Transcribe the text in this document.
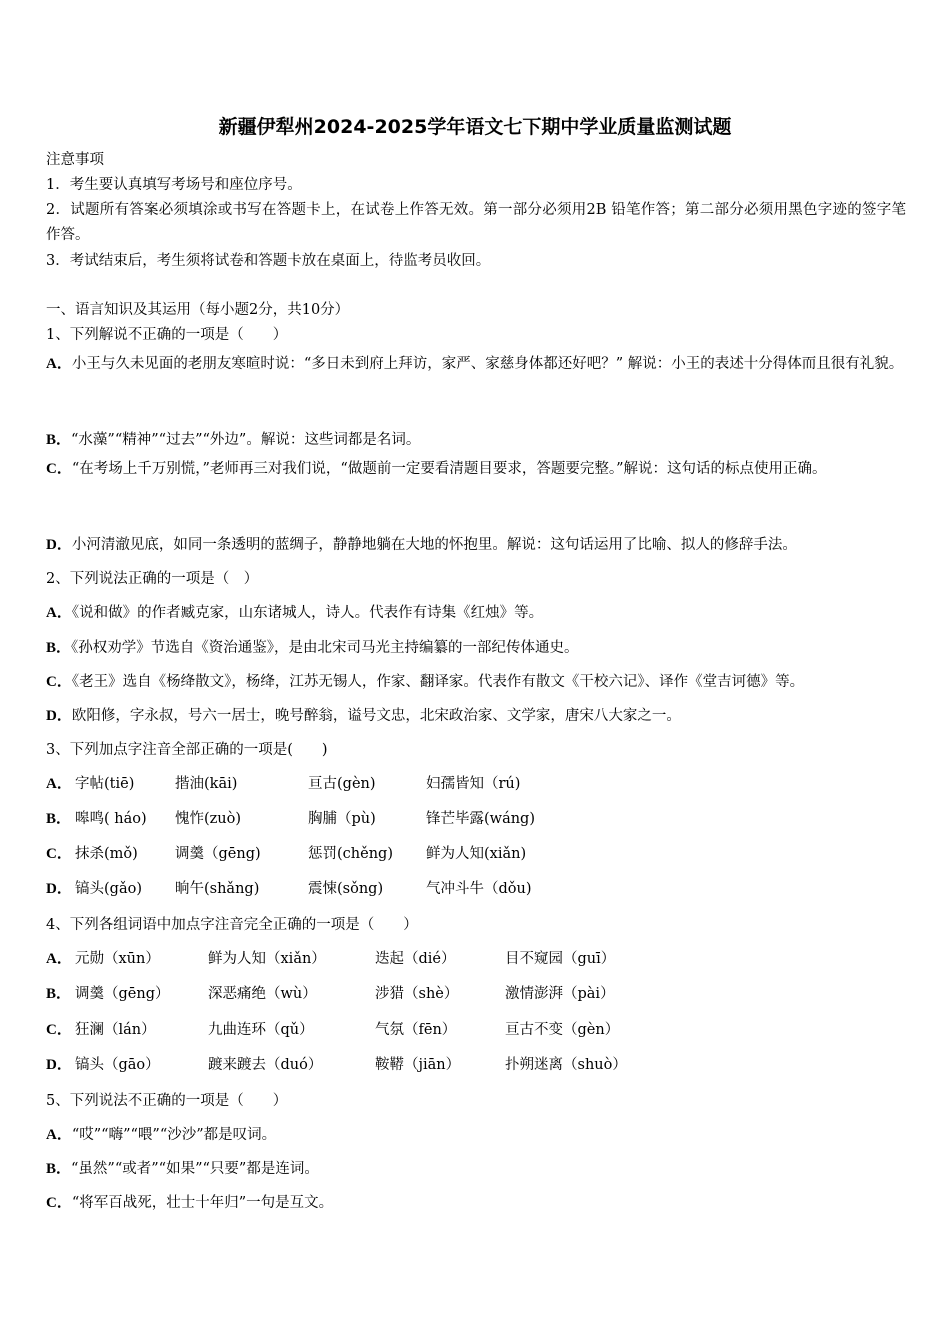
新疆伊犁州2024-2025学年语文七下期中学业质量监测试题
注意事项
1．考生要认真填写考场号和座位序号。
2．试题所有答案必须填涂或书写在答题卡上，在试卷上作答无效。第一部分必须用2B 铅笔作答；第二部分必须用黑色字迹的签字笔作答。
3．考试结束后，考生须将试卷和答题卡放在桌面上，待监考员收回。
一、语言知识及其运用（每小题2分，共10分）
1、下列解说不正确的一项是（　　）
A．小王与久未见面的老朋友寒暄时说：“多日未到府上拜访，家严、家慈身体都还好吧？” 解说：小王的表述十分得体而且很有礼貌。
B．“水藻”“精神”“过去”“外边”。解说：这些词都是名词。
C．“在考场上千万别慌，”老师再三对我们说，“做题前一定要看清题目要求，答题要完整。”解说：这句话的标点使用正确。
D．小河清澈见底，如同一条透明的蓝绸子，静静地躺在大地的怀抱里。解说：这句话运用了比喻、拟人的修辞手法。
2、下列说法正确的一项是（　）
A．《说和做》的作者臧克家，山东诸城人，诗人。代表作有诗集《红烛》等。
B．《孙权劝学》节选自《资治通鉴》，是由北宋司马光主持编纂的一部纪传体通史。
C．《老王》选自《杨绛散文》，杨绛，江苏无锡人，作家、翻译家。代表作有散文《干校六记》、译作《堂吉诃德》等。
D．欧阳修，字永叔，号六一居士，晚号醉翁，谥号文忠，北宋政治家、文学家，唐宋八大家之一。
3、下列加点字注音全部正确的一项是(　　)
A． 字帖(tiē)	揩油(kāi)	亘古(gèn)	妇孺皆知（rú)
B． 嗥鸣( háo) 愧怍(zuò)	胸脯（pù)	锋芒毕露(wáng)
C． 抹杀(mǒ)	调羹（gēng)	惩罚(chěng) 鲜为人知(xiǎn)
D． 镐头(gǎo) 晌午(shǎng)	震悚(sǒng)	气冲斗牛（dǒu)
4、下列各组词语中加点字注音完全正确的一项是（　　）
A． 元勋（xūn）	鲜为人知（xiǎn）	迭起（dié）	目不窥园（guī）
B． 调羹（gēng）	深恶痛绝（wù）	涉猎（shè）	激情澎湃（pài）
C． 狂澜（lán）	九曲连环（qǔ）	气氛（fēn）	亘古不变（gèn）
D． 镐头（gāo）	踱来踱去（duó）	鞍鞯（jiān）	扑朔迷离（shuò）
5、下列说法不正确的一项是（　　）
A．“哎”“嗨”“喂”“沙沙”都是叹词。
B．“虽然”“或者”“如果”“只要”都是连词。
C．“将军百战死，壮士十年归”一句是互文。
